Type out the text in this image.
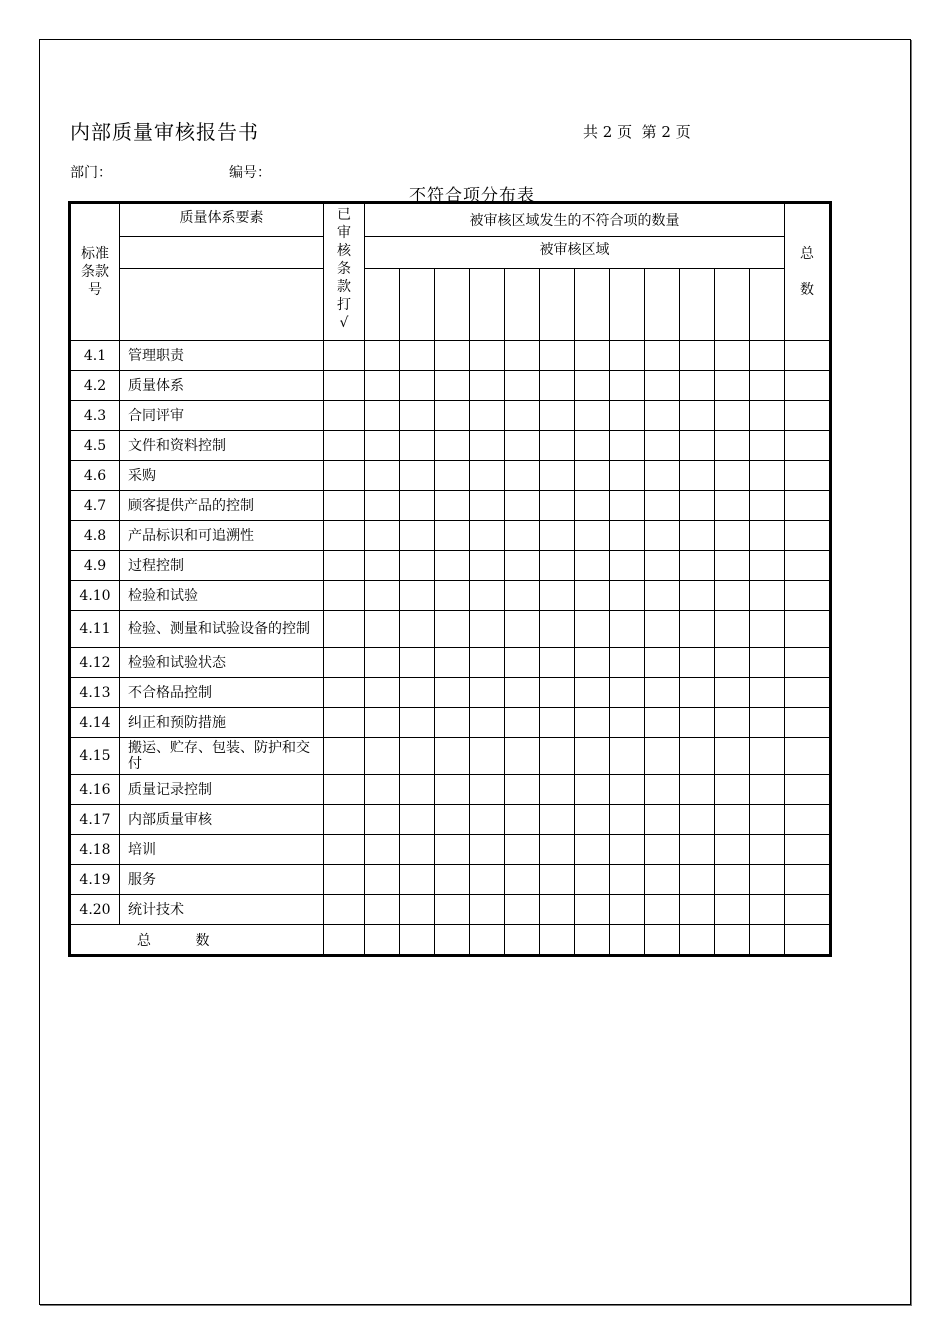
内部质量审核报告书	共 2 页  第 2 页
部门：	编号：
不符合项分布表
标准条款号	质量体系要素	已审核条款打√	被审核区域发生的不符合项的数量												总数

			被审核区域												

4.1	管理职责														
4.2	质量体系														
4.3	合同评审														
4.5	文件和资料控制														
4.6	采购														
4.7	顾客提供产品的控制														
4.8	产品标识和可追溯性														
4.9	过程控制														
4.10	检验和试验														
4.11	检验、测量和试验设备的控制														
4.12	检验和试验状态														
4.13	不合格品控制														
4.14	纠正和预防措施														
4.15	搬运、贮存、包装、防护和交付														
4.16	质量记录控制														
4.17	内部质量审核														
4.18	培训														
4.19	服务														
4.20	统计技术														
总          数															
